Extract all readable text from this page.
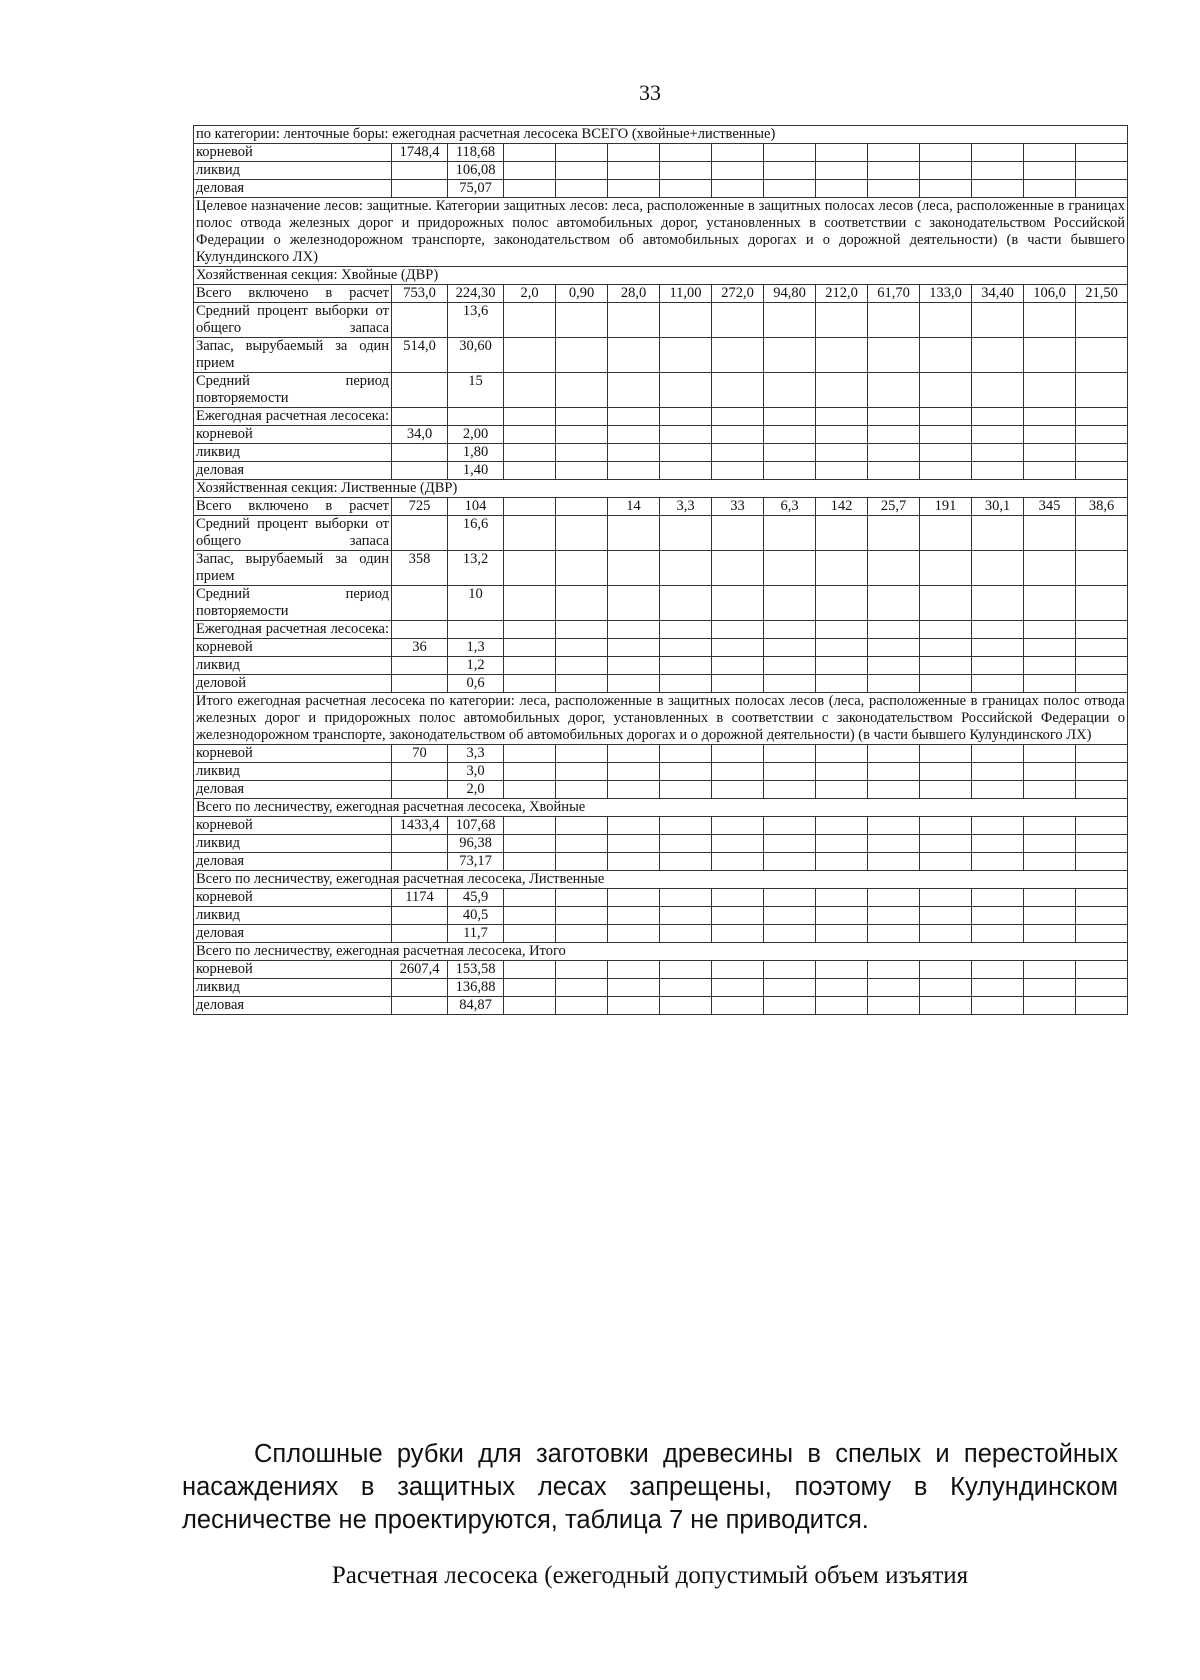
33
по категории: ленточные боры: ежегодная расчетная лесосека ВСЕГО (хвойные+лиственные)														
корневой	1748,4	118,68												
ликвид		106,08												
деловая		75,07												
Целевое назначение лесов: защитные. Категории защитных лесов: леса, расположенные в защитных полосах лесов (леса, расположенные в границах полос отвода железных дорог и придорожных полос автомобильных дорог, установленных в соответствии с законодательством Российской Федерации о железнодорожном транспорте, законодательством об автомобильных дорогах и о дорожной деятельности) (в части бывшего Кулундинского ЛХ)														
Хозяйственная секция: Хвойные (ДВР)														
Всего включено в расчет	753,0	224,30	2,0	0,90	28,0	11,00	272,0	94,80	212,0	61,70	133,0	34,40	106,0	21,50
Средний процент выборки от общего запаса		13,6												
Запас, вырубаемый за один прием	514,0	30,60												
Средний период повторяемости		15												
Ежегодная расчетная лесосека:														
корневой	34,0	2,00												
ликвид		1,80												
деловая		1,40												
Хозяйственная секция: Лиственные (ДВР)														
Всего включено в расчет	725	104			14	3,3	33	6,3	142	25,7	191	30,1	345	38,6
Средний процент выборки от общего запаса		16,6												
Запас, вырубаемый за один прием	358	13,2												
Средний период повторяемости		10												
Ежегодная расчетная лесосека:														
корневой	36	1,3												
ликвид		1,2												
деловой		0,6												
Итого ежегодная расчетная лесосека по категории: леса, расположенные в защитных полосах лесов (леса, расположенные в границах полос отвода железных дорог и придорожных полос автомобильных дорог, установленных в соответствии с законодательством Российской Федерации о железнодорожном транспорте, законодательством об автомобильных дорогах и о дорожной деятельности) (в части бывшего Кулундинского ЛХ)														
корневой	70	3,3												
ликвид		3,0												
деловая		2,0												
Всего по лесничеству, ежегодная расчетная лесосека, Хвойные														
корневой	1433,4	107,68												
ликвид		96,38												
деловая		73,17												
Всего по лесничеству, ежегодная расчетная лесосека, Лиственные														
корневой	1174	45,9												
ликвид		40,5												
деловая		11,7												
Всего по лесничеству, ежегодная расчетная лесосека, Итого														
корневой	2607,4	153,58												
ликвид		136,88												
деловая		84,87												
Сплошные рубки для заготовки древесины в спелых и перестойных насаждениях в защитных лесах запрещены, поэтому в Кулундинском лесничестве не проектируются, таблица 7 не приводится.
Расчетная лесосека (ежегодный допустимый объем изъятия
